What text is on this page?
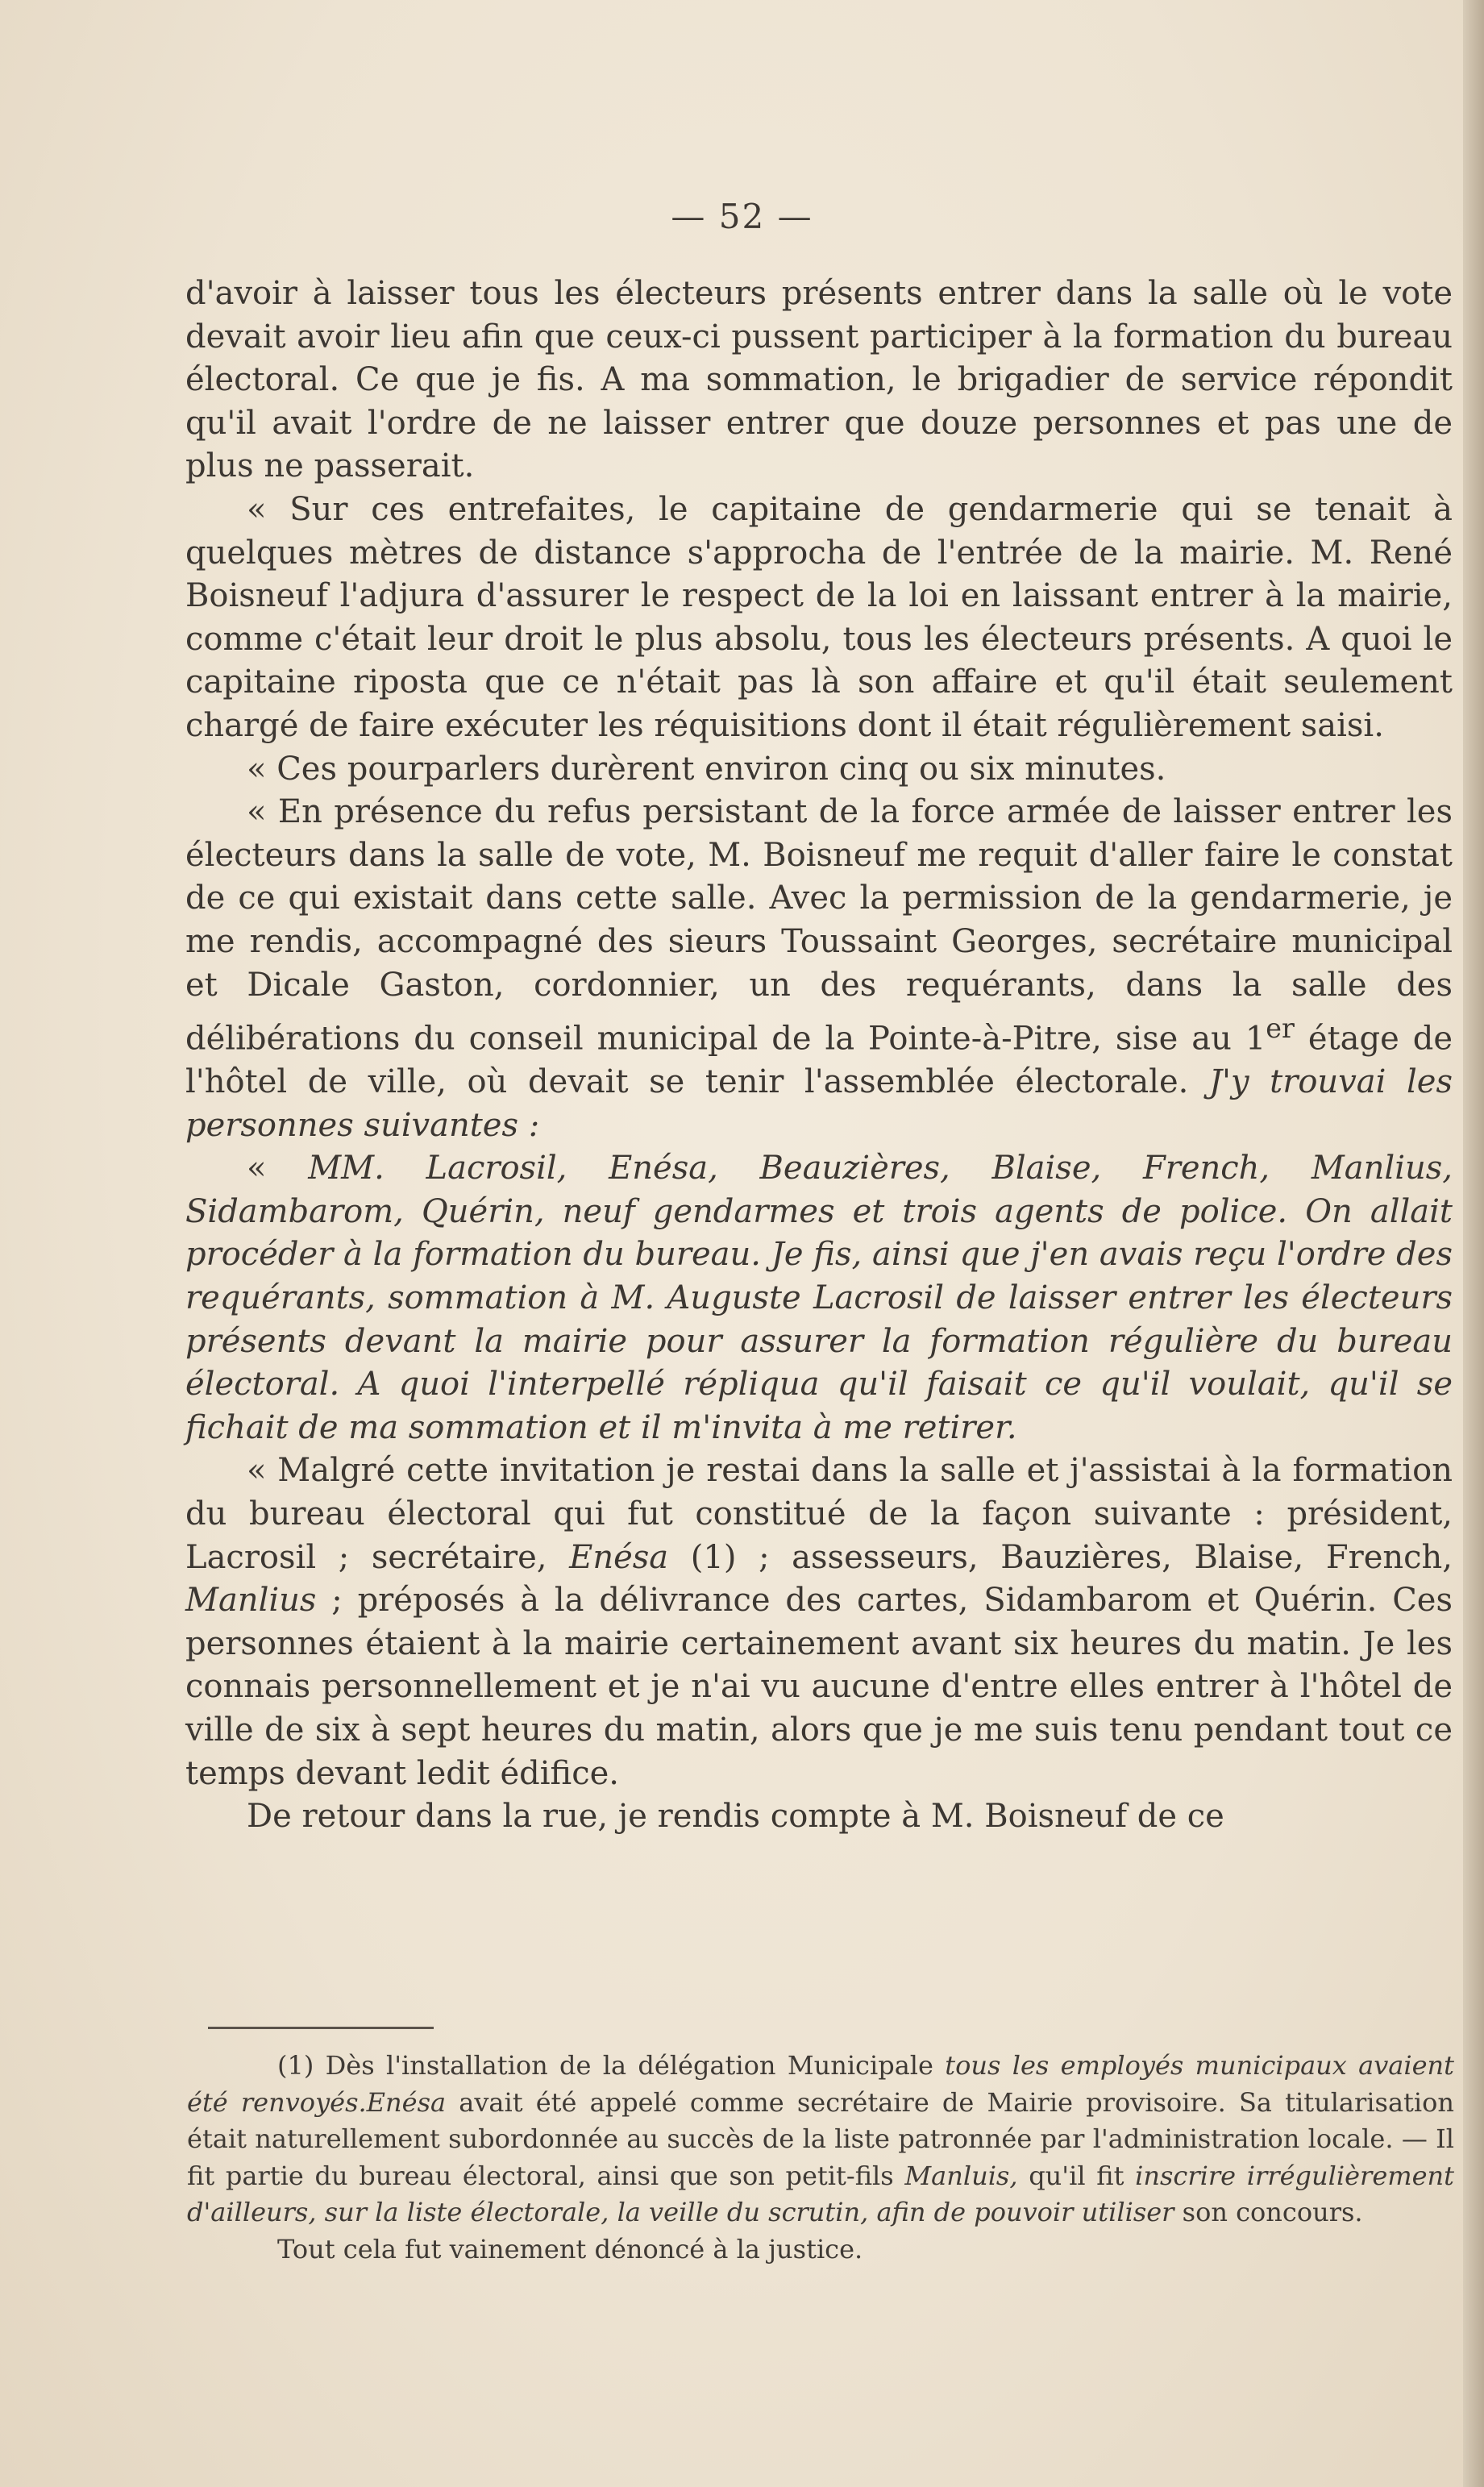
— 52 —

d'avoir à laisser tous les électeurs présents entrer dans la salle où le vote devait avoir lieu afin que ceux-ci pussent participer à la formation du bureau électoral. Ce que je fis. A ma sommation, le brigadier de service répondit qu'il avait l'ordre de ne laisser entrer que douze personnes et pas une de plus ne passerait.

« Sur ces entrefaites, le capitaine de gendarmerie qui se tenait à quelques mètres de distance s'approcha de l'entrée de la mairie. M. René Boisneuf l'adjura d'assurer le respect de la loi en laissant entrer à la mairie, comme c'était leur droit le plus absolu, tous les électeurs présents. A quoi le capitaine riposta que ce n'était pas là son affaire et qu'il était seulement chargé de faire exécuter les réquisitions dont il était régulièrement saisi.

« Ces pourparlers durèrent environ cinq ou six minutes.

« En présence du refus persistant de la force armée de laisser entrer les électeurs dans la salle de vote, M. Boisneuf me requit d'aller faire le constat de ce qui existait dans cette salle. Avec la permission de la gendarmerie, je me rendis, accompagné des sieurs Toussaint Georges, secrétaire municipal et Dicale Gaston, cordonnier, un des requérants, dans la salle des délibérations du conseil municipal de la Pointe-à-Pitre, sise au 1er étage de l'hôtel de ville, où devait se tenir l'assemblée électorale. J'y trouvai les personnes suivantes :

« MM. Lacrosil, Enésa, Beauzières, Blaise, French, Manlius, Sidambarom, Quérin, neuf gendarmes et trois agents de police. On allait procéder à la formation du bureau. Je fis, ainsi que j'en avais reçu l'ordre des requérants, sommation à M. Auguste Lacrosil de laisser entrer les électeurs présents devant la mairie pour assurer la formation régulière du bureau électoral. A quoi l'interpellé répliqua qu'il faisait ce qu'il voulait, qu'il se fichait de ma sommation et il m'invita à me retirer.

« Malgré cette invitation je restai dans la salle et j'assistai à la formation du bureau électoral qui fut constitué de la façon suivante : président, Lacrosil ; secrétaire, Enésa (1) ; assesseurs, Bauzières, Blaise, French, Manlius ; préposés à la délivrance des cartes, Sidambarom et Quérin. Ces personnes étaient à la mairie certainement avant six heures du matin. Je les connais personnellement et je n'ai vu aucune d'entre elles entrer à l'hôtel de ville de six à sept heures du matin, alors que je me suis tenu pendant tout ce temps devant ledit édifice.

De retour dans la rue, je rendis compte à M. Boisneuf de ce

(1) Dès l'installation de la délégation Municipale tous les employés municipaux avaient été renvoyés.Enésa avait été appelé comme secrétaire de Mairie provisoire. Sa titularisation était naturellement subordonnée au succès de la liste patronnée par l'administration locale. — Il fit partie du bureau électoral, ainsi que son petit-fils Manluis, qu'il fit inscrire irrégulièrement d'ailleurs, sur la liste électorale, la veille du scrutin, afin de pouvoir utiliser son concours.

Tout cela fut vainement dénoncé à la justice.
